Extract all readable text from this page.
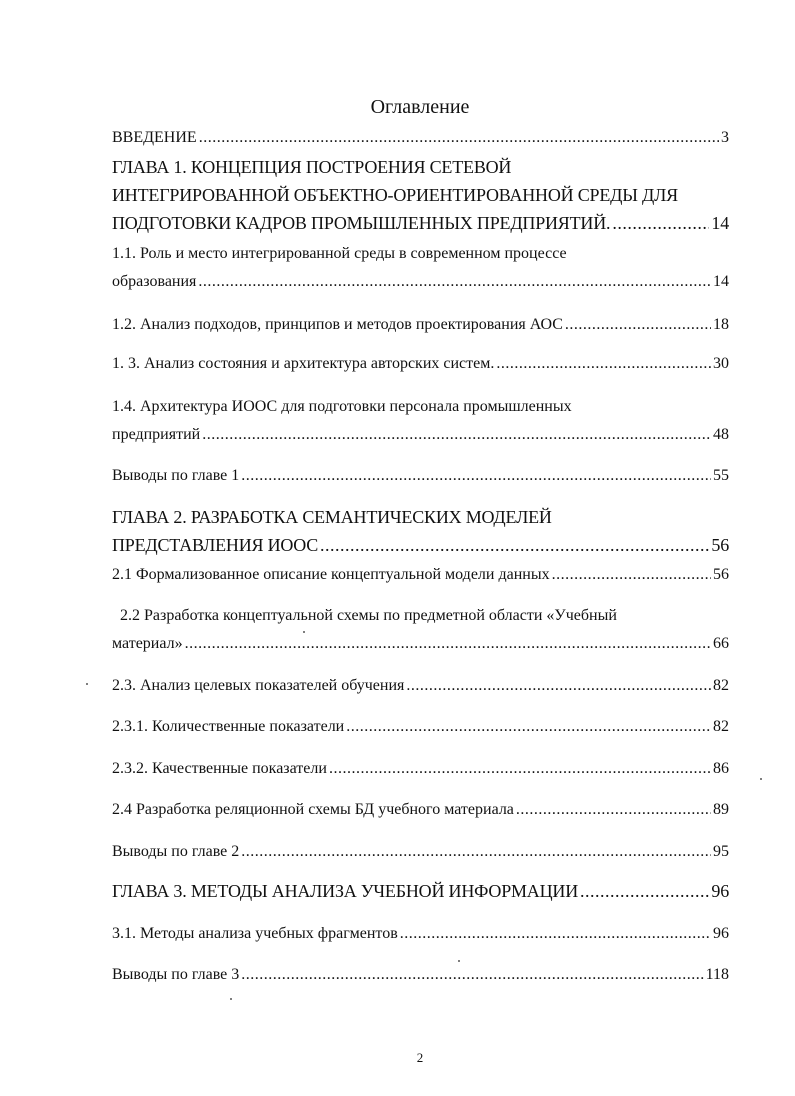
Оглавление
ВВЕДЕНИЕ .....	3
ГЛАВА 1. КОНЦЕПЦИЯ ПОСТРОЕНИЯ СЕТЕВОЙ
ИНТЕГРИРОВАННОЙ ОБЪЕКТНО-ОРИЕНТИРОВАННОЙ СРЕДЫ ДЛЯ
ПОДГОТОВКИ КАДРОВ ПРОМЫШЛЕННЫХ ПРЕДПРИЯТИЙ. .....	14
1.1. Роль и место интегрированной среды в современном процессе
образования .....	14
1.2. Анализ подходов, принципов и методов проектирования АОС .....	18
1. 3. Анализ состояния и архитектура авторских систем. .....	30
1.4. Архитектура ИООС для подготовки персонала промышленных
предприятий .....	48
Выводы по главе 1 .....	55
ГЛАВА 2. РАЗРАБОТКА СЕМАНТИЧЕСКИХ МОДЕЛЕЙ
ПРЕДСТАВЛЕНИЯ ИООС .....	56
2.1 Формализованное описание концептуальной модели данных .....	56
2.2 Разработка концептуальной схемы по предметной области «Учебный
материал» .....	66
2.3. Анализ целевых показателей обучения .....	82
2.3.1. Количественные показатели .....	82
2.3.2. Качественные показатели .....	86
2.4 Разработка реляционной схемы БД учебного материала .....	89
Выводы по главе 2 .....	95
ГЛАВА 3. МЕТОДЫ АНАЛИЗА УЧЕБНОЙ ИНФОРМАЦИИ .....	96
3.1. Методы анализа учебных фрагментов .....	96
Выводы по главе 3 .....	118
2
